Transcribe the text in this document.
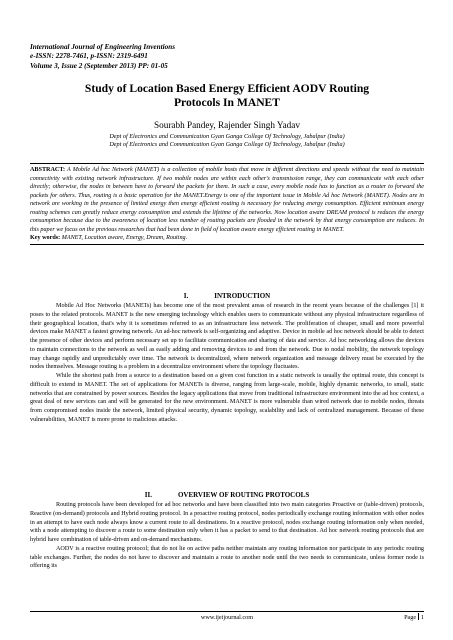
International Journal of Engineering Inventions
e-ISSN: 2278-7461, p-ISSN: 2319-6491
Volume 3, Issue 2 (September 2013) PP: 01-05
Study of Location Based Energy Efficient AODV Routing
Protocols In MANET
Sourabh Pandey, Rajender Singh Yadav
Dept of Electronics and Communication Gyan Ganga College Of Technology, Jabalpur (India)
Dept of Electronics and Communication Gyan Ganga College Of Technology, Jabalpur (India)
ABSTRACT: A Mobile Ad hoc Network (MANET) is a collection of mobile hosts that move in different directions and speeds without the need to maintain connectivity with existing network infrastructure. If two mobile nodes are within each other's transmission range, they can communicate with each other directly; otherwise, the nodes in between have to forward the packets for them. In such a case, every mobile node has to function as a router to forward the packets for others. Thus, routing is a basic operation for the MANET.Energy is one of the important issue in Mobile Ad hoc Network (MANET). Nodes are in network are working in the presence of limited energy then energy efficient routing is necessary for reducing energy consumption. Efficient minimum energy routing schemes can greatly reduce energy consumption and extends the lifetime of the networks. Now location aware DREAM protocol is reduces the energy consumption because due to the awareness of location less number of routing packets are flooded in the network by that energy consumption are reduces. In this paper we focus on the previous researches that had been done in field of location aware energy efficient routing in MANET.
Key words: MANET, Location aware, Energy, Dream, Routing.
I.	INTRODUCTION

Mobile Ad Hoc Networks (MANETs) has become one of the most prevalent areas of research in the recent years because of the challenges [1] it poses to the related protocols. MANET is the new emerging technology which enables users to communicate without any physical infrastructure regardless of their geographical location, that's why it is sometimes referred to as an infrastructure less network. The proliferation of cheaper, small and more powerful devices make MANET a fastest growing network. An ad-hoc network is self-organizing and adaptive. Device in mobile ad hoc network should be able to detect the presence of other devices and perform necessary set up to facilitate communication and sharing of data and service. Ad hoc networking allows the devices to maintain connections to the network as well as easily adding and removing devices to and from the network. Due to nodal mobility, the network topology may change rapidly and unpredictably over time. The network is decentralized, where network organization and message delivery must be executed by the nodes themselves. Message routing is a problem in a decentralize environment where the topology fluctuates.

While the shortest path from a source to a destination based on a given cost function in a static network is usually the optimal route, this concept is difficult to extend in MANET. The set of applications for MANETs is diverse, ranging from large-scale, mobile, highly dynamic networks, to small, static networks that are constrained by power sources. Besides the legacy applications that move from traditional infrastructure environment into the ad hoc context, a great deal of new services can and will be generated for the new environment. MANET is more vulnerable than wired network due to mobile nodes, threats from compromised nodes inside the network, limited physical security, dynamic topology, scalability and lack of centralized management. Because of these vulnerabilities, MANET is more prone to malicious attacks.

II.	OVERVIEW OF ROUTING PROTOCOLS

Routing protocols have been developed for ad hoc networks and have been classified into two main categories Proactive or (table-driven) protocols, Reactive (on-demand) protocols and Hybrid routing protocol. In a proactive routing protocol, nodes periodically exchange routing information with other nodes in an attempt to have each node always know a current route to all destinations. In a reactive protocol, nodes exchange routing information only when needed, with a node attempting to discover a route to some destination only when it has a packet to send to that destination. Ad hoc network routing protocols that are hybrid have combination of table-driven and on-demand mechanisms.

AODV is a reactive routing protocol; that do not lie on active paths neither maintain any routing information nor participate in any periodic routing table exchanges. Further, the nodes do not have to discover and maintain a route to another node until the two needs to communicate, unless former node is offering its

www.ijeijournal.com	Page 1
